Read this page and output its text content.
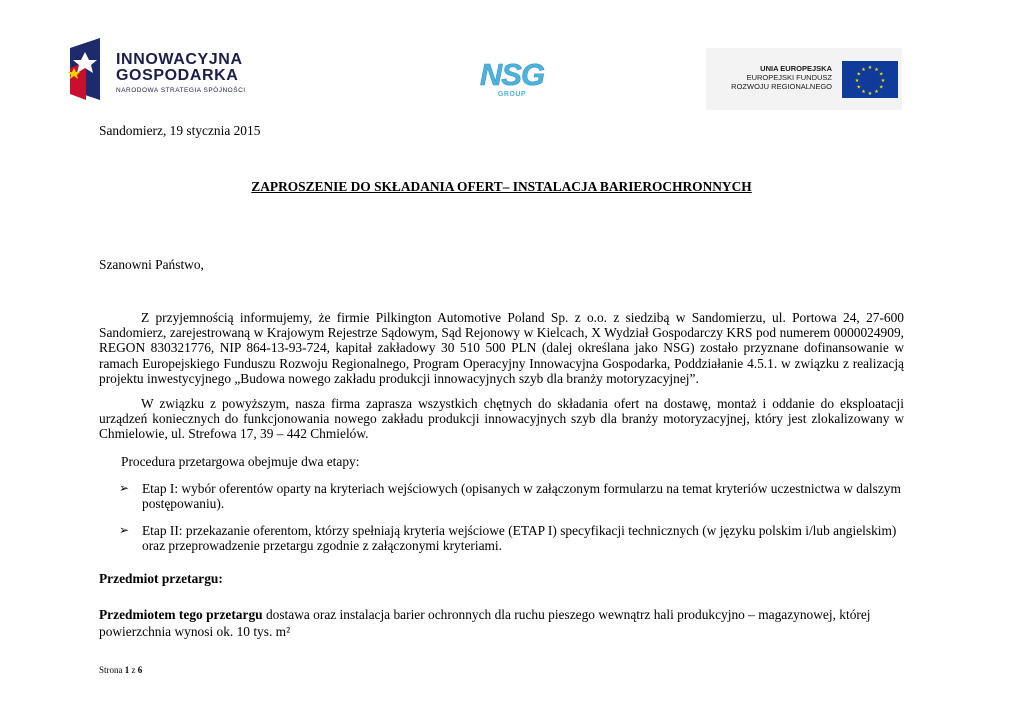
INNOWACYJNA
GOSPODARKA
NARODOWA STRATEGIA SPÓJNOŚCI	NSG
GROUP
UNIA EUROPEJSKA
EUROPEJSKI FUNDUSZ
ROZWOJU REGIONALNEGO
★ ★
★
★
★
★
★
★
★
★
★
★
Sandomierz, 19 stycznia 2015
ZAPROSZENIE DO SKŁADANIA OFERT– INSTALACJA BARIEROCHRONNYCH
Szanowni Państwo,
Z przyjemnością informujemy, że firmie Pilkington Automotive Poland Sp. z o.o. z siedzibą w Sandomierzu, ul. Portowa 24, 27-600 Sandomierz, zarejestrowaną w Krajowym Rejestrze Sądowym, Sąd Rejonowy w Kielcach, X Wydział Gospodarczy KRS pod numerem 0000024909, REGON 830321776, NIP 864-13-93-724, kapitał zakładowy 30 510 500 PLN (dalej określana jako NSG) zostało przyznane dofinansowanie w ramach Europejskiego Funduszu Rozwoju Regionalnego, Program Operacyjny Innowacyjna Gospodarka, Poddziałanie 4.5.1. w związku z realizacją projektu inwestycyjnego „Budowa nowego zakładu produkcji innowacyjnych szyb dla branży motoryzacyjnej”.
W związku z powyższym, nasza firma zaprasza wszystkich chętnych do składania ofert na dostawę, montaż i oddanie do eksploatacji urządzeń koniecznych do funkcjonowania nowego zakładu produkcji innowacyjnych szyb dla branży motoryzacyjnej, który jest zlokalizowany w Chmielowie, ul. Strefowa 17, 39 – 442 Chmielów.
Procedura przetargowa obejmuje dwa etapy:
➢ Etap I: wybór oferentów oparty na kryteriach wejściowych (opisanych w załączonym formularzu na temat kryteriów uczestnictwa w dalszym postępowaniu).
➢ Etap II: przekazanie oferentom, którzy spełniają kryteria wejściowe (ETAP I) specyfikacji technicznych (w języku polskim i/lub angielskim) oraz przeprowadzenie przetargu zgodnie z załączonymi kryteriami.
Przedmiot przetargu:
Przedmiotem tego przetargu dostawa oraz instalacja barier ochronnych dla ruchu pieszego wewnątrz hali produkcyjno – magazynowej, której powierzchnia wynosi ok. 10 tys. m²
Strona 1 z 6
